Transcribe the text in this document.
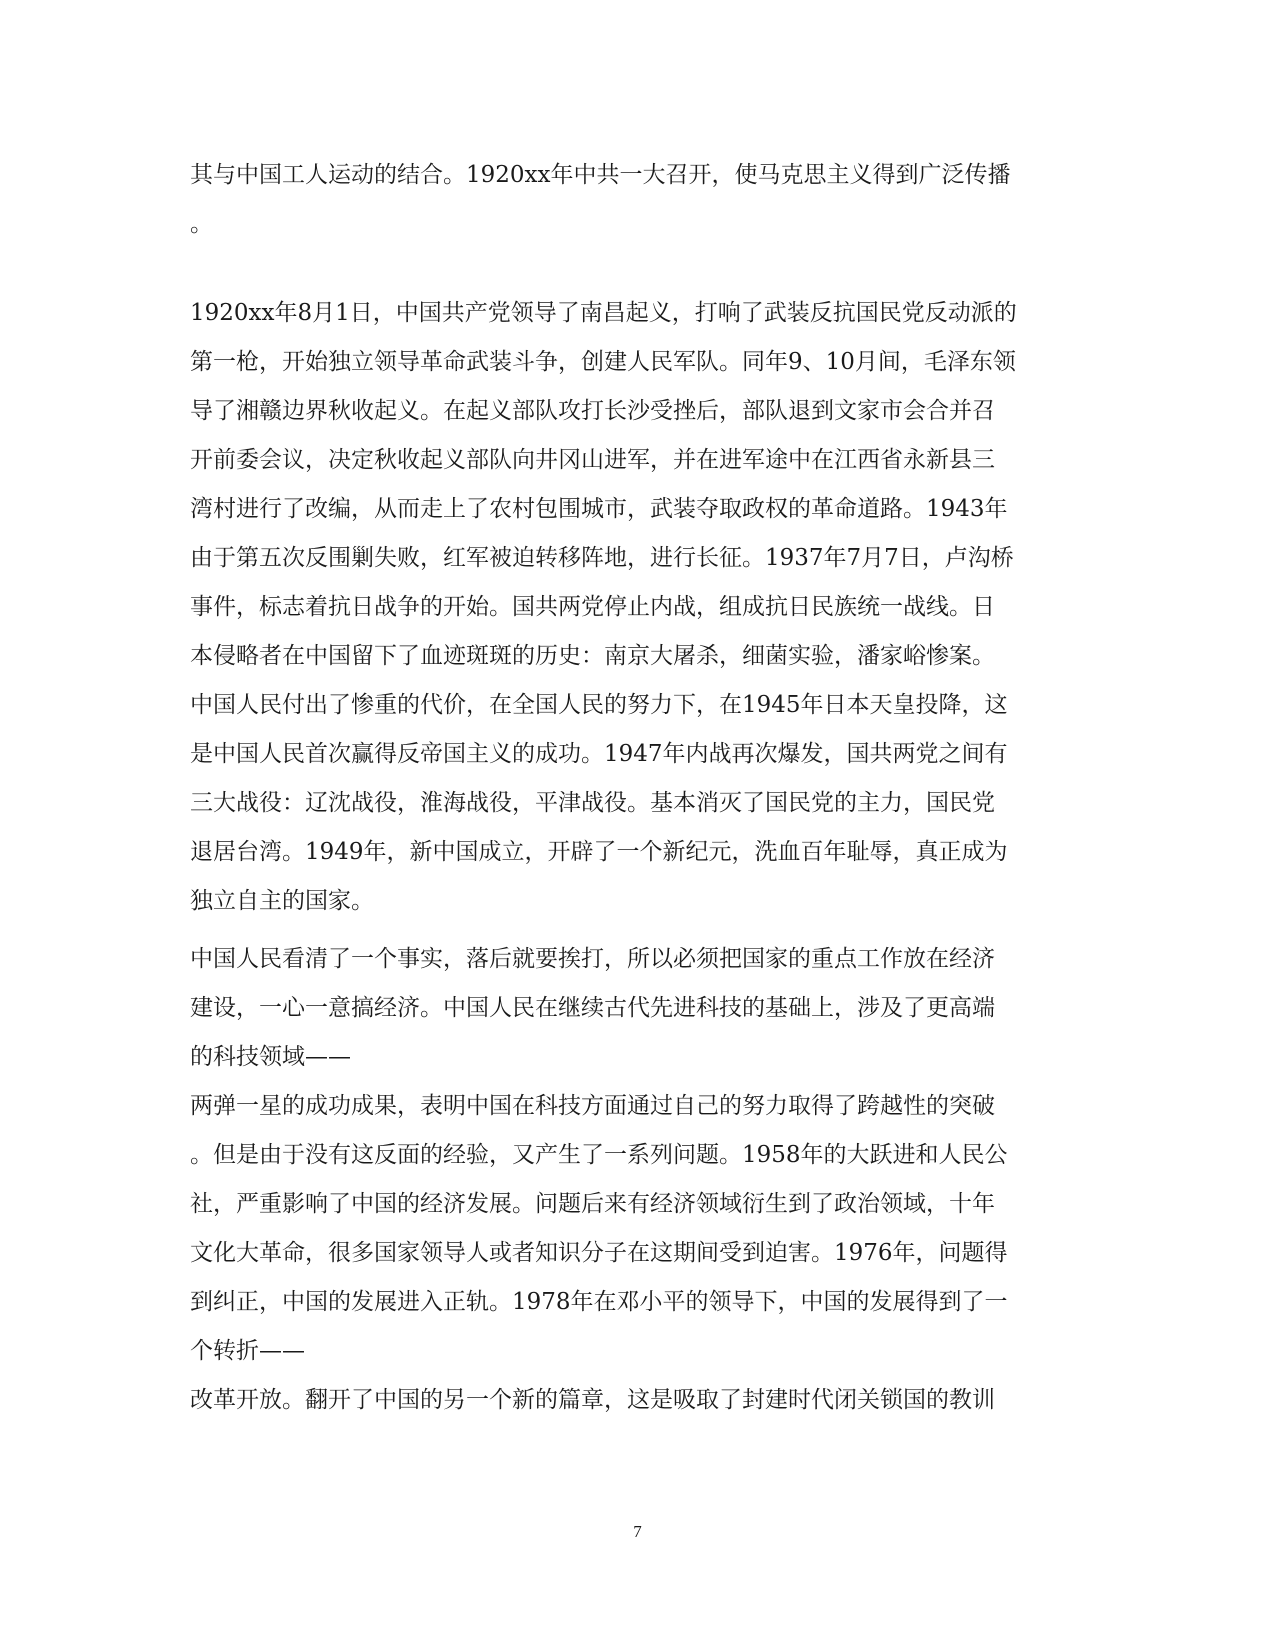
其与中国工人运动的结合。1920xx年中共一大召开，使马克思主义得到广泛传播
。
1920xx年8月1日，中国共产党领导了南昌起义，打响了武装反抗国民党反动派的
第一枪，开始独立领导革命武装斗争，创建人民军队。同年9、10月间，毛泽东领
导了湘赣边界秋收起义。在起义部队攻打长沙受挫后，部队退到文家市会合并召
开前委会议，决定秋收起义部队向井冈山进军，并在进军途中在江西省永新县三
湾村进行了改编，从而走上了农村包围城市，武装夺取政权的革命道路。1943年
由于第五次反围剿失败，红军被迫转移阵地，进行长征。1937年7月7日，卢沟桥
事件，标志着抗日战争的开始。国共两党停止内战，组成抗日民族统一战线。日
本侵略者在中国留下了血迹斑斑的历史：南京大屠杀，细菌实验，潘家峪惨案。
中国人民付出了惨重的代价，在全国人民的努力下，在1945年日本天皇投降，这
是中国人民首次赢得反帝国主义的成功。1947年内战再次爆发，国共两党之间有
三大战役：辽沈战役，淮海战役，平津战役。基本消灭了国民党的主力，国民党
退居台湾。1949年，新中国成立，开辟了一个新纪元，洗血百年耻辱，真正成为
独立自主的国家。
中国人民看清了一个事实，落后就要挨打，所以必须把国家的重点工作放在经济
建设，一心一意搞经济。中国人民在继续古代先进科技的基础上，涉及了更高端
的科技领域——
两弹一星的成功成果，表明中国在科技方面通过自己的努力取得了跨越性的突破
。但是由于没有这反面的经验，又产生了一系列问题。1958年的大跃进和人民公
社，严重影响了中国的经济发展。问题后来有经济领域衍生到了政治领域，十年
文化大革命，很多国家领导人或者知识分子在这期间受到迫害。1976年，问题得
到纠正，中国的发展进入正轨。1978年在邓小平的领导下，中国的发展得到了一
个转折——
改革开放。翻开了中国的另一个新的篇章，这是吸取了封建时代闭关锁国的教训
7
